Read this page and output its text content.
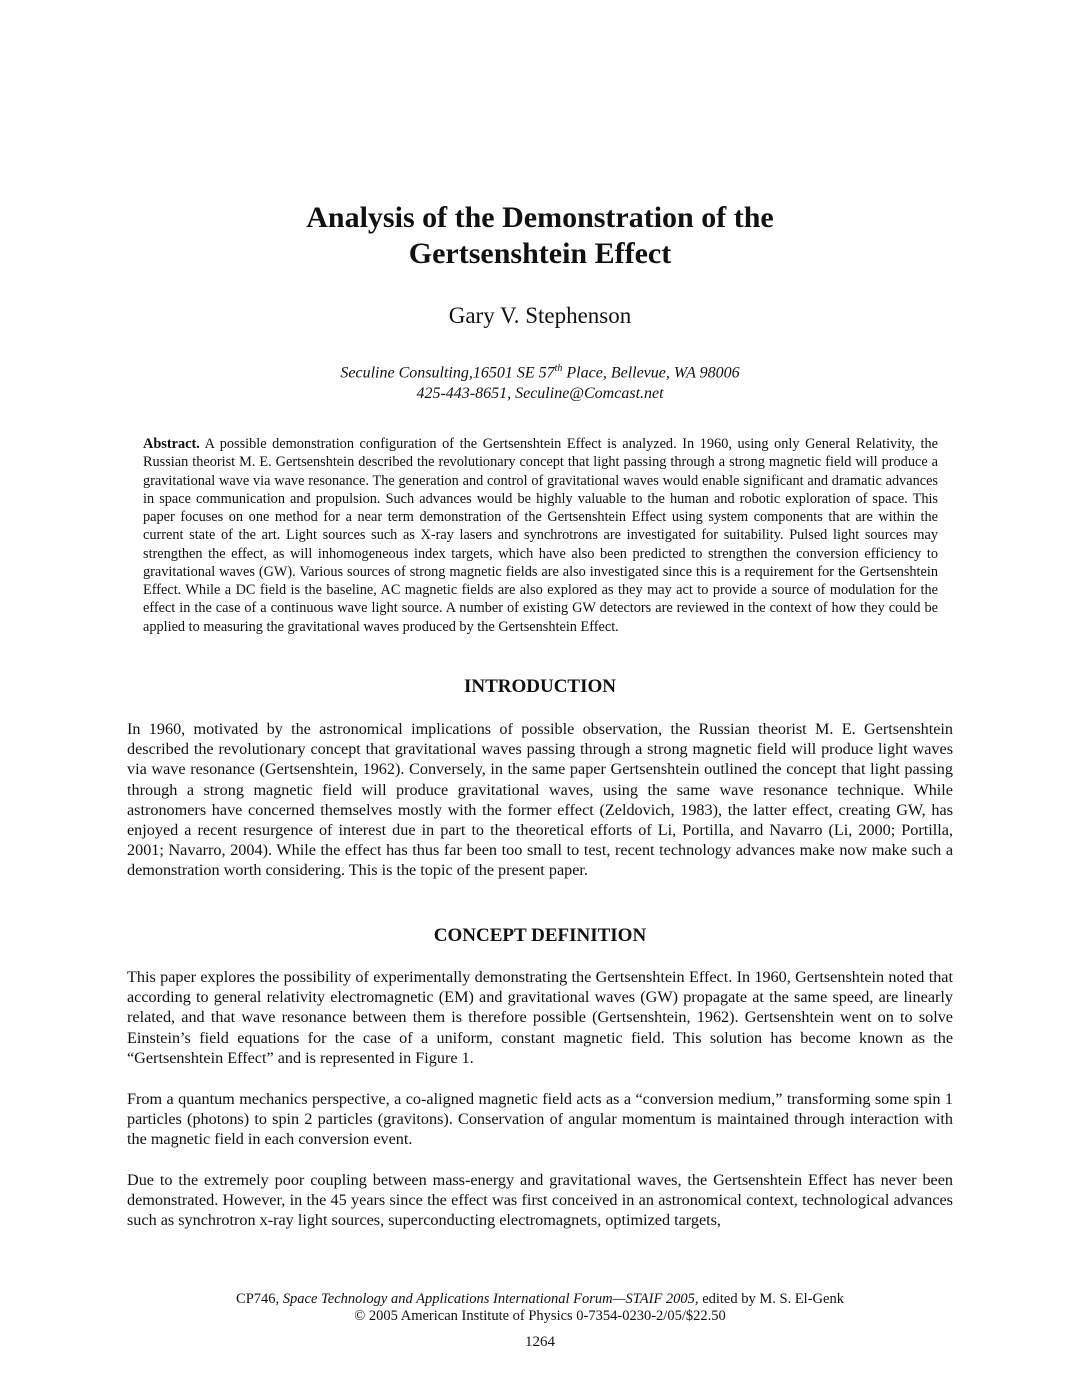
Analysis of the Demonstration of the
Gertsenshtein Effect
Gary V. Stephenson
Seculine Consulting,16501 SE 57th Place, Bellevue, WA 98006
425-443-8651, Seculine@Comcast.net
Abstract. A possible demonstration configuration of the Gertsenshtein Effect is analyzed. In 1960, using only General Relativity, the Russian theorist M. E. Gertsenshtein described the revolutionary concept that light passing through a strong magnetic field will produce a gravitational wave via wave resonance. The generation and control of gravitational waves would enable significant and dramatic advances in space communication and propulsion. Such advances would be highly valuable to the human and robotic exploration of space. This paper focuses on one method for a near term demonstration of the Gertsenshtein Effect using system components that are within the current state of the art. Light sources such as X-ray lasers and synchrotrons are investigated for suitability. Pulsed light sources may strengthen the effect, as will inhomogeneous index targets, which have also been predicted to strengthen the conversion efficiency to gravitational waves (GW). Various sources of strong magnetic fields are also investigated since this is a requirement for the Gertsenshtein Effect. While a DC field is the baseline, AC magnetic fields are also explored as they may act to provide a source of modulation for the effect in the case of a continuous wave light source. A number of existing GW detectors are reviewed in the context of how they could be applied to measuring the gravitational waves produced by the Gertsenshtein Effect.
INTRODUCTION
In 1960, motivated by the astronomical implications of possible observation, the Russian theorist M. E. Gertsenshtein described the revolutionary concept that gravitational waves passing through a strong magnetic field will produce light waves via wave resonance (Gertsenshtein, 1962). Conversely, in the same paper Gertsenshtein outlined the concept that light passing through a strong magnetic field will produce gravitational waves, using the same wave resonance technique. While astronomers have concerned themselves mostly with the former effect (Zeldovich, 1983), the latter effect, creating GW, has enjoyed a recent resurgence of interest due in part to the theoretical efforts of Li, Portilla, and Navarro (Li, 2000; Portilla, 2001; Navarro, 2004). While the effect has thus far been too small to test, recent technology advances make now make such a demonstration worth considering. This is the topic of the present paper.
CONCEPT DEFINITION
This paper explores the possibility of experimentally demonstrating the Gertsenshtein Effect. In 1960, Gertsenshtein noted that according to general relativity electromagnetic (EM) and gravitational waves (GW) propagate at the same speed, are linearly related, and that wave resonance between them is therefore possible (Gertsenshtein, 1962). Gertsenshtein went on to solve Einstein’s field equations for the case of a uniform, constant magnetic field. This solution has become known as the “Gertsenshtein Effect” and is represented in Figure 1.
From a quantum mechanics perspective, a co-aligned magnetic field acts as a “conversion medium,” transforming some spin 1 particles (photons) to spin 2 particles (gravitons). Conservation of angular momentum is maintained through interaction with the magnetic field in each conversion event.
Due to the extremely poor coupling between mass-energy and gravitational waves, the Gertsenshtein Effect has never been demonstrated. However, in the 45 years since the effect was first conceived in an astronomical context, technological advances such as synchrotron x-ray light sources, superconducting electromagnets, optimized targets,
CP746, Space Technology and Applications International Forum—STAIF 2005, edited by M. S. El-Genk
© 2005 American Institute of Physics 0-7354-0230-2/05/$22.50
1264
